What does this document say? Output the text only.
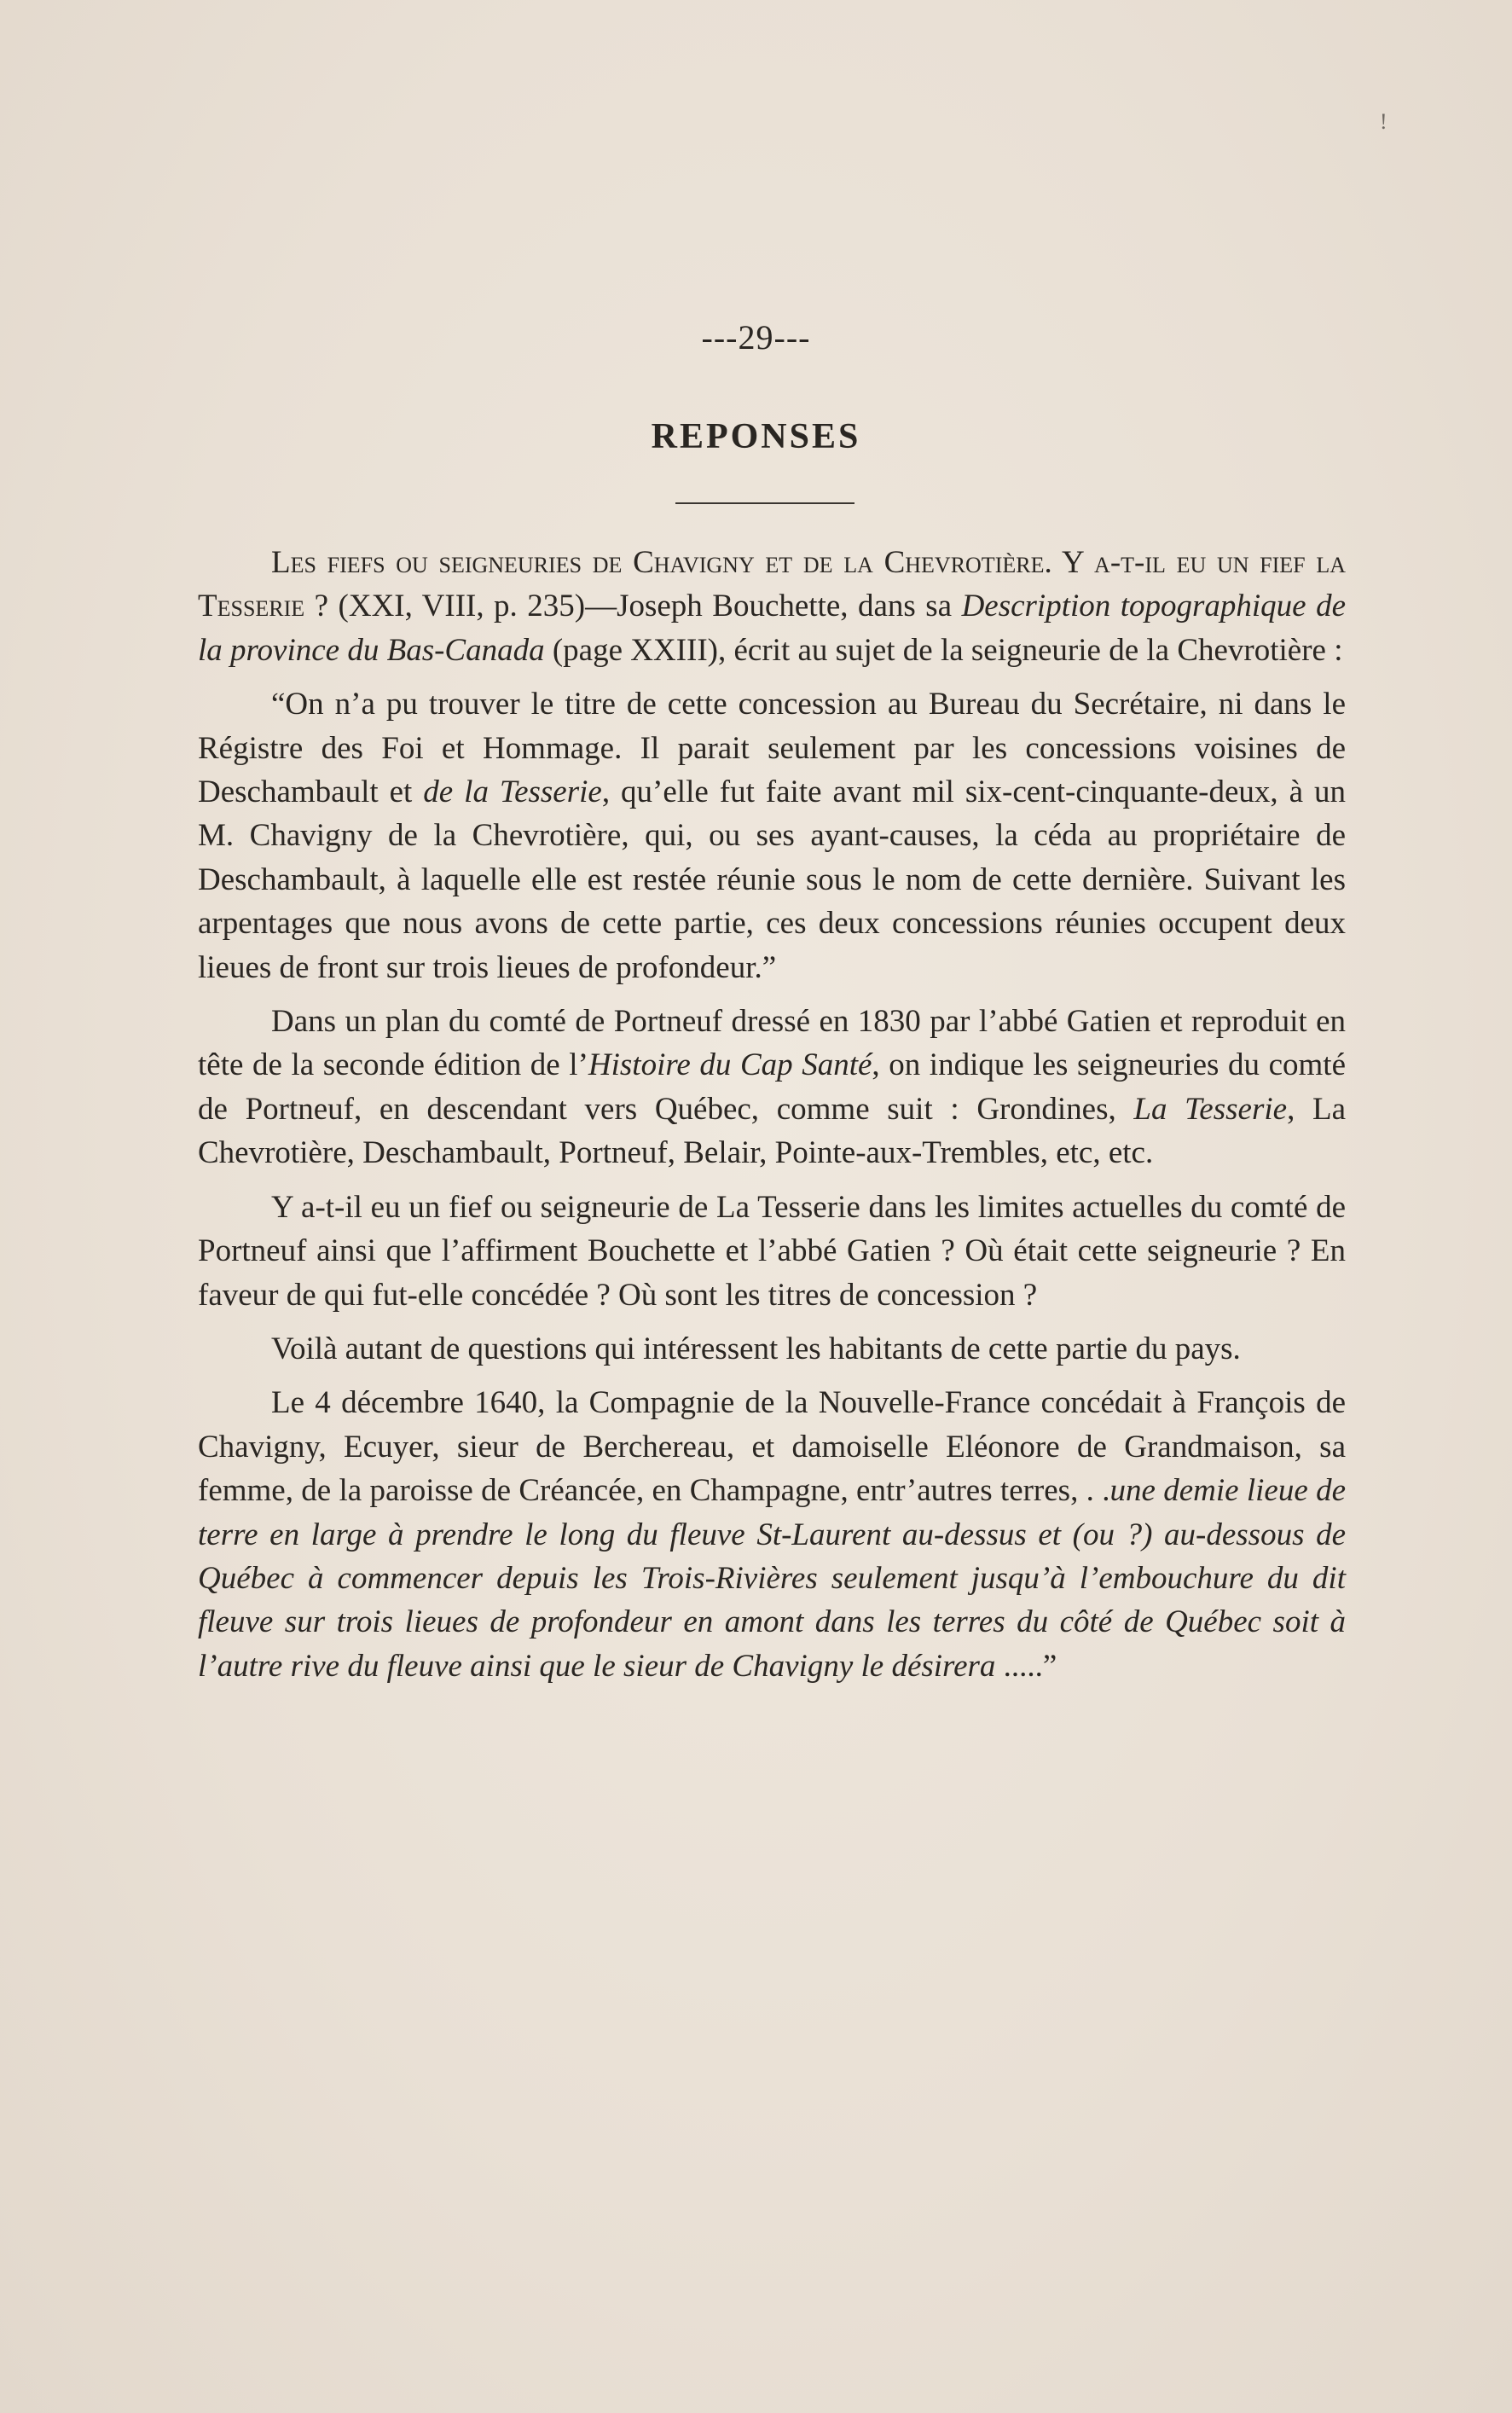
!
---29---
REPONSES

Les fiefs ou seigneuries de Chavigny et de la Chevrotière. Y a-t-il eu un fief la Tesserie ? (XXI, VIII, p. 235)—Joseph Bouchette, dans sa Description topographique de la province du Bas-Canada (page XXIII), écrit au sujet de la seigneurie de la Chevrotière :

“On n’a pu trouver le titre de cette concession au Bureau du Secrétaire, ni dans le Régistre des Foi et Hommage. Il parait seulement par les concessions voisines de Deschambault et de la Tesserie, qu’elle fut faite avant mil six-cent-cinquante-deux, à un M. Chavigny de la Chevrotière, qui, ou ses ayant-causes, la céda au propriétaire de Deschambault, à laquelle elle est restée réunie sous le nom de cette dernière. Suivant les arpentages que nous avons de cette partie, ces deux concessions réunies occupent deux lieues de front sur trois lieues de profondeur.”

Dans un plan du comté de Portneuf dressé en 1830 par l’abbé Gatien et reproduit en tête de la seconde édition de l’Histoire du Cap Santé, on indique les seigneuries du comté de Portneuf, en descendant vers Québec, comme suit : Grondines, La Tesserie, La Chevrotière, Deschambault, Portneuf, Belair, Pointe-aux-Trembles, etc, etc.

Y a-t-il eu un fief ou seigneurie de La Tesserie dans les limites actuelles du comté de Portneuf ainsi que l’affirment Bouchette et l’abbé Gatien ? Où était cette seigneurie ? En faveur de qui fut-elle concédée ? Où sont les titres de concession ?

Voilà autant de questions qui intéressent les habitants de cette partie du pays.

Le 4 décembre 1640, la Compagnie de la Nouvelle-France concédait à François de Chavigny, Ecuyer, sieur de Berchereau, et damoiselle Eléonore de Grandmaison, sa femme, de la paroisse de Créancée, en Champagne, entr’autres terres, . .une demie lieue de terre en large à prendre le long du fleuve St-Laurent au-dessus et (ou ?) au-dessous de Québec à commencer depuis les Trois-Rivières seulement jusqu’à l’embouchure du dit fleuve sur trois lieues de profondeur en amont dans les terres du côté de Québec soit à l’autre rive du fleuve ainsi que le sieur de Chavigny le désirera .....”
